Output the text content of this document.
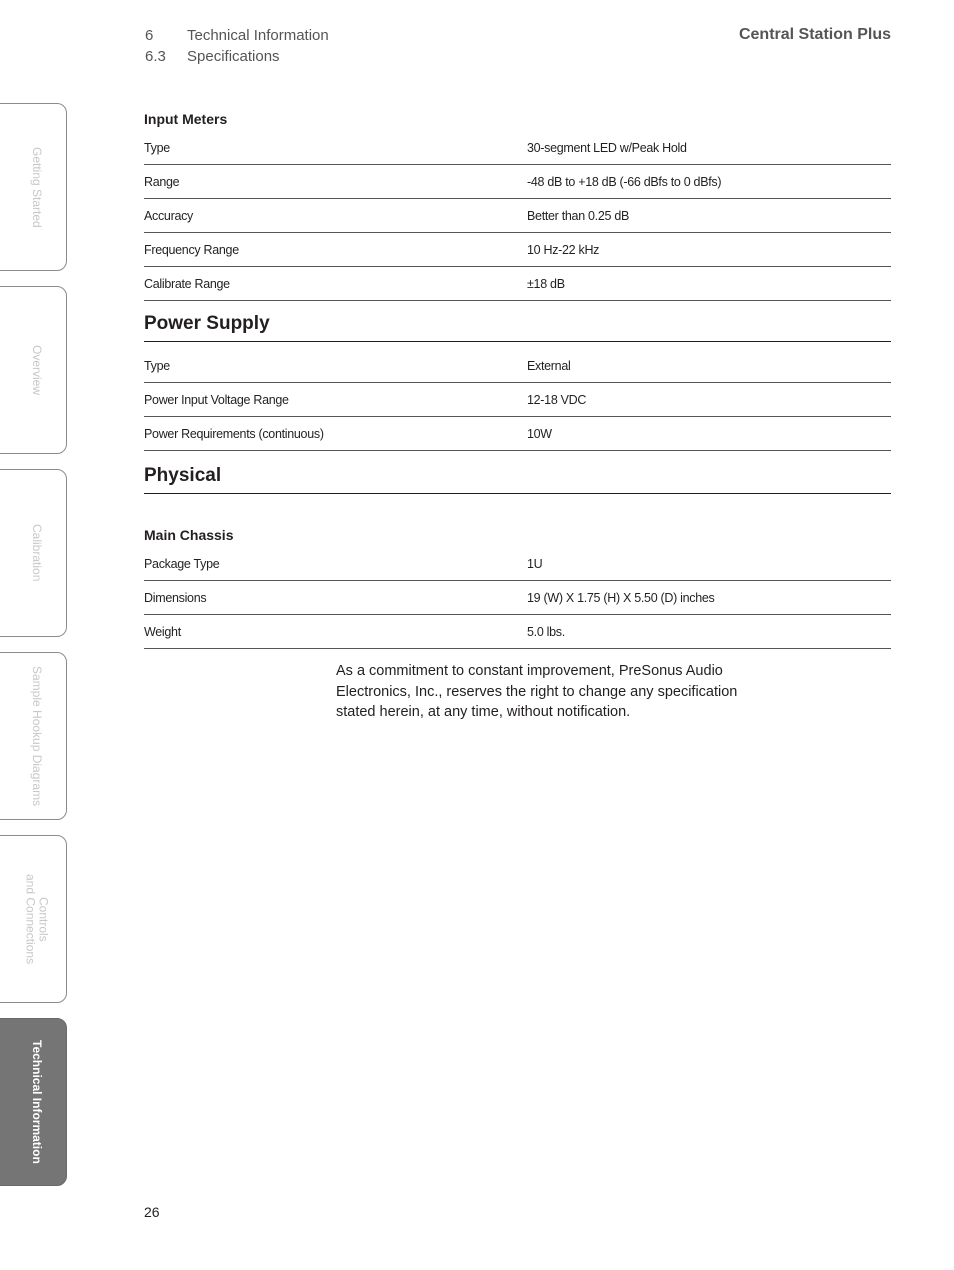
6 Technical Information
6.3 Specifications
Central Station Plus
Getting Started
Overview
Calibration
Sample Hookup Diagrams
Controls
and Connections
Technical Information
Input Meters
Type	30-segment LED w/Peak Hold
Range	-48 dB to +18 dB (-66 dBfs to 0 dBfs)
Accuracy	Better than 0.25 dB
Frequency Range	10 Hz-22 kHz
Calibrate Range	±18 dB
Power Supply
Type	External
Power Input Voltage Range	12-18 VDC
Power Requirements (continuous)	10W
Physical
Main Chassis
Package Type	1U
Dimensions	19 (W) X 1.75 (H) X 5.50 (D) inches
Weight	5.0 lbs.
As a commitment to constant improvement, PreSonus Audio Electronics, Inc., reserves the right to change any specification stated herein, at any time, without notification.
26
